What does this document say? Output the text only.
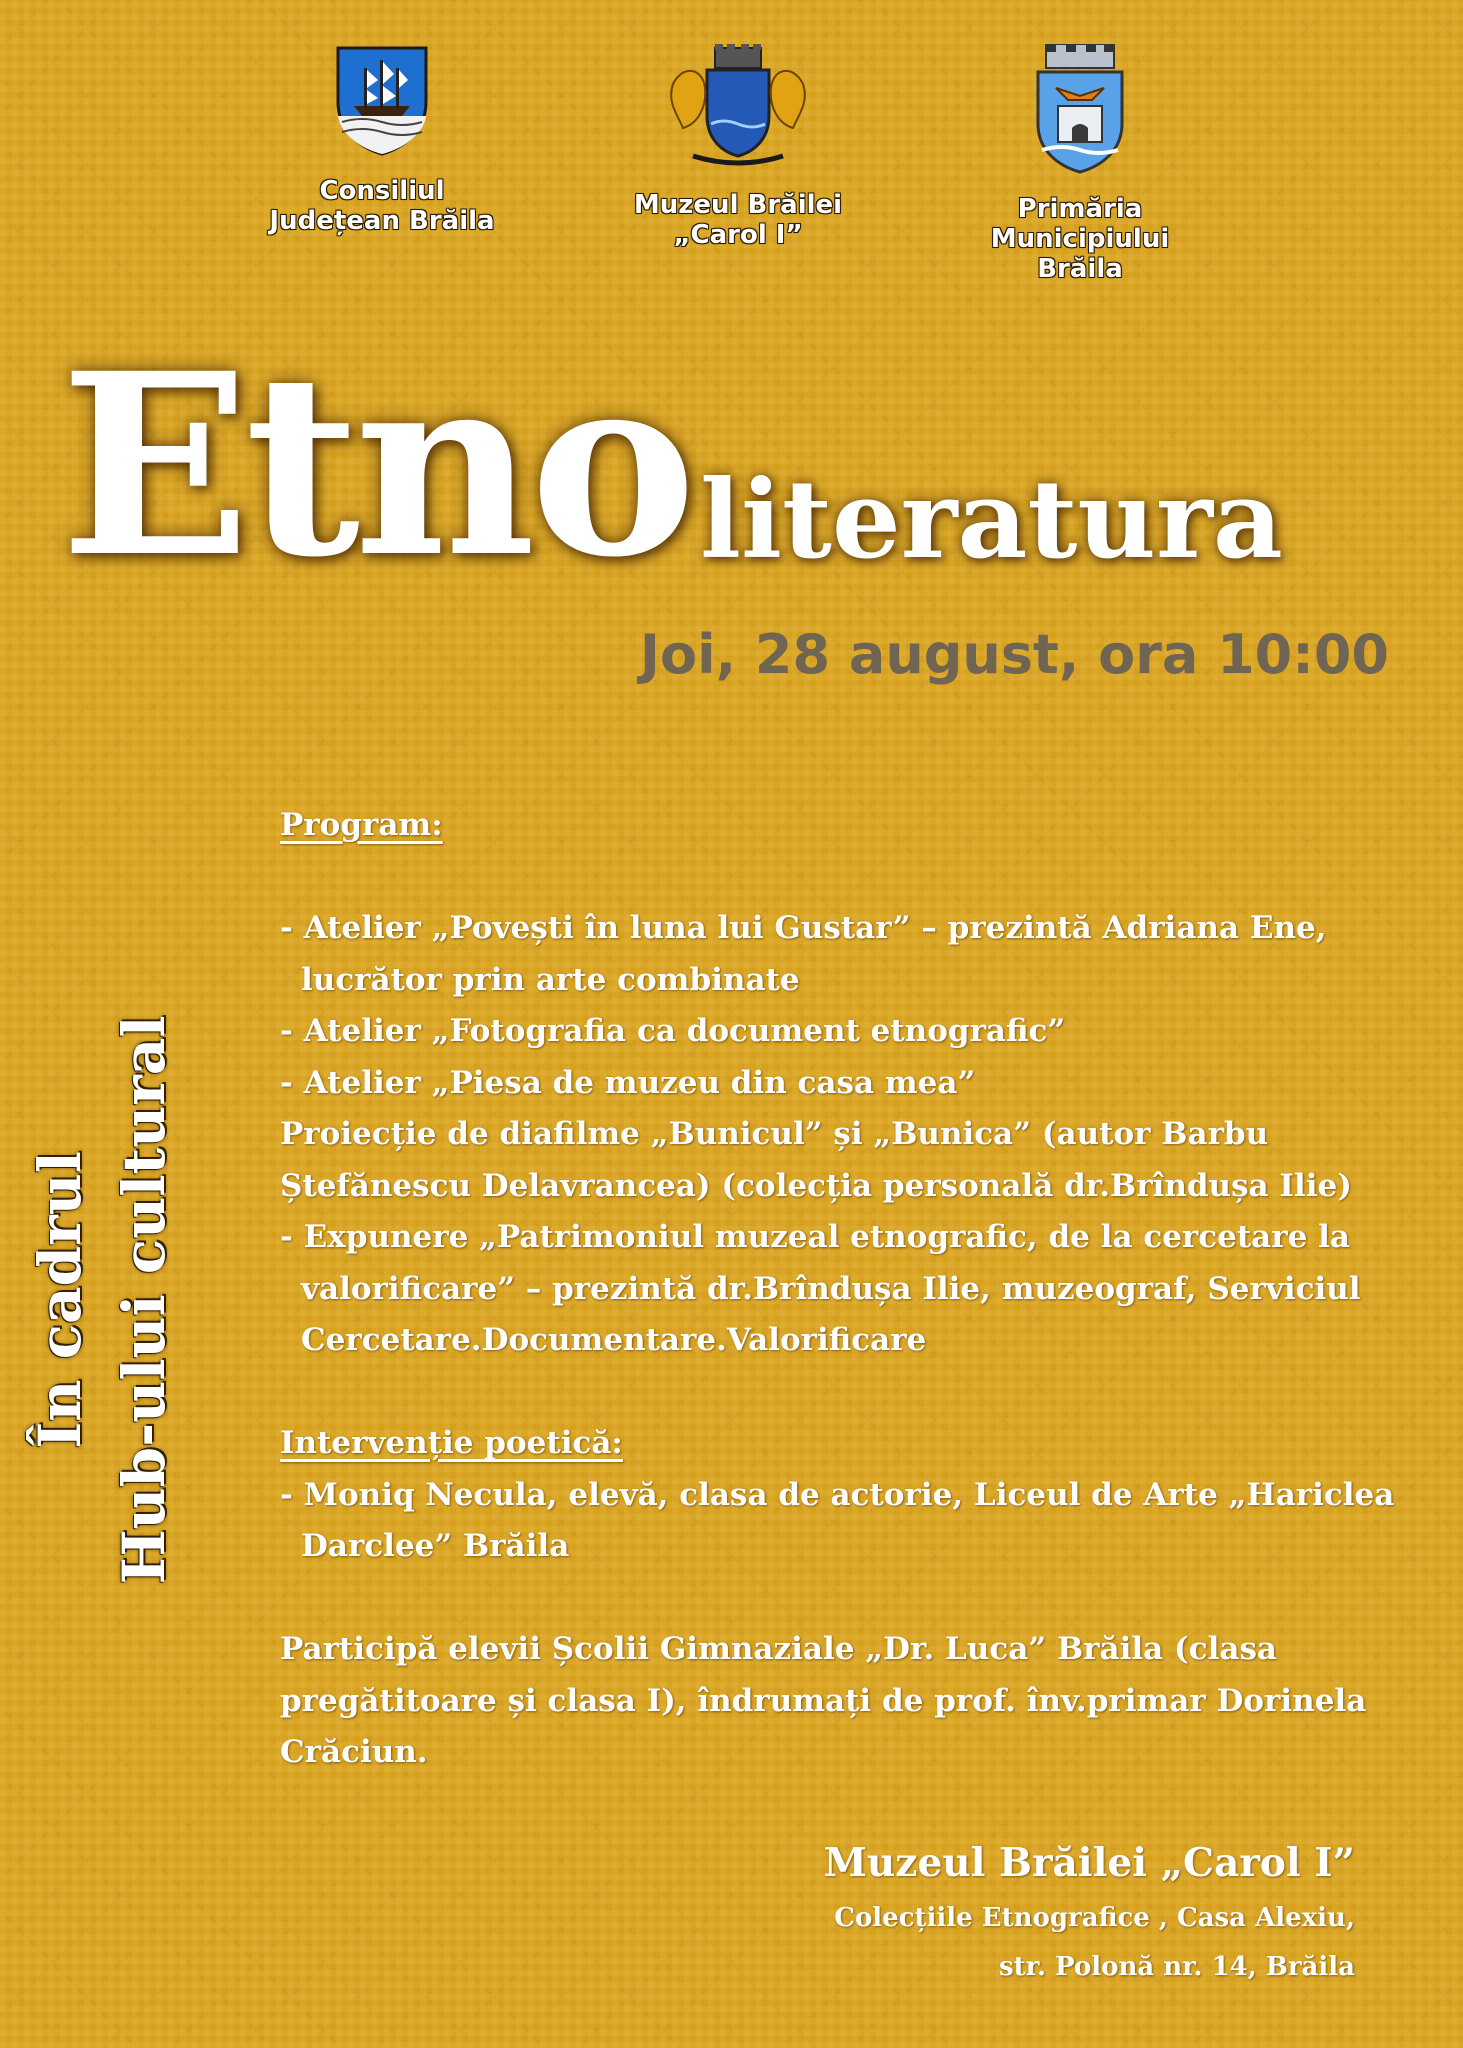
Consiliul
Județean Brăila
Muzeul Brăilei
„Carol I”
Primăria
Municipiului Brăila
Etno literatura
Joi, 28 august, ora 10:00
În cadrul Hub-ului cultural
Program:
- Atelier „Povești în luna lui Gustar” – prezintă Adriana Ene, lucrător prin arte combinate
- Atelier „Fotografia ca document etnografic”
- Atelier „Piesa de muzeu din casa mea”
Proiecție de diafilme „Bunicul” și „Bunica” (autor Barbu Ștefănescu Delavrancea) (colecția personală dr.Brîndușa Ilie)
- Expunere „Patrimoniul muzeal etnografic, de la cercetare la valorificare” – prezintă dr.Brîndușa Ilie, muzeograf, Serviciul Cercetare.Documentare.Valorificare
Intervenție poetică:
- Moniq Necula, elevă, clasa de actorie, Liceul de Arte „Hariclea Darclee” Brăila
Participă elevii Școlii Gimnaziale „Dr. Luca” Brăila (clasa pregătitoare și clasa I), îndrumați de prof. înv.primar Dorinela Crăciun.
Muzeul Brăilei „Carol I”
Colecțiile Etnografice , Casa Alexiu,
str. Polonă nr. 14, Brăila
